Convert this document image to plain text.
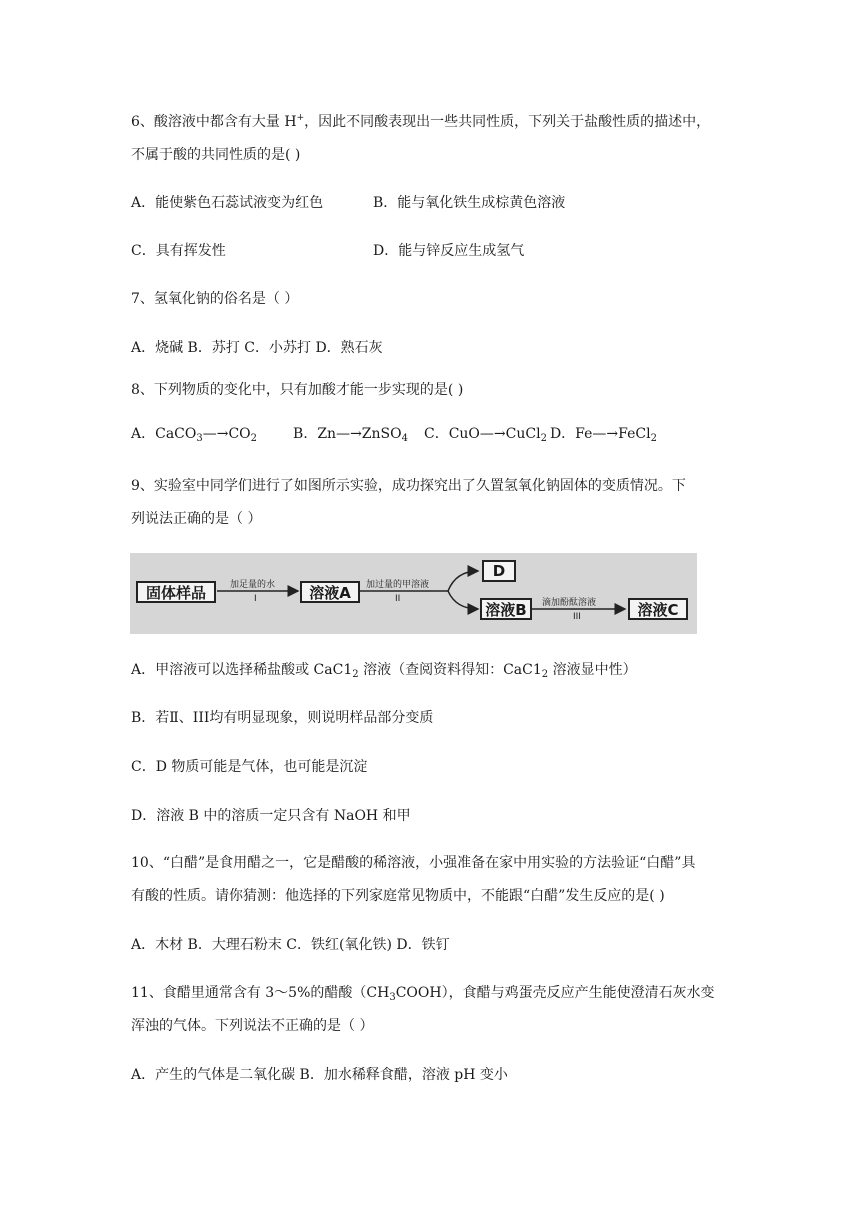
6、酸溶液中都含有大量 H+，因此不同酸表现出一些共同性质，下列关于盐酸性质的描述中，
不属于酸的共同性质的是( )
A．能使紫色石蕊试液变为红色	B．能与氧化铁生成棕黄色溶液
C．具有挥发性	D．能与锌反应生成氢气
7、氢氧化钠的俗名是（ ）
A．烧碱 B．苏打 C．小苏打 D．熟石灰
8、下列物质的变化中，只有加酸才能一步实现的是( )
A．$CaCO_3—\to CO_2$	B．Zn—→ZnSO$_4$ C．CuO—→CuCl$_2$ D．Fe—→FeCl$_2$
9、实验室中同学们进行了如图所示实验，成功探究出了久置氢氧化钠固体的变质情况。下
列说法正确的是（ ）
固体样品	溶液A
D
溶液B	溶液C
加足量的水
I
加过量的甲溶液
II	滴加酚酞溶液
III
A．甲溶液可以选择稀盐酸或 $CaC1_2$ 溶液（查阅资料得知：$CaC1_2$ 溶液显中性）
B．若Ⅱ、III均有明显现象，则说明样品部分变质
C．D 物质可能是气体，也可能是沉淀
D．溶液 B 中的溶质一定只含有 NaOH 和甲
10、“白醋”是食用醋之一，它是醋酸的稀溶液，小强准备在家中用实验的方法验证“白醋”具
有酸的性质。请你猜测：他选择的下列家庭常见物质中，不能跟“白醋”发生反应的是( )
A．木材 B．大理石粉末 C．铁红(氧化铁) D．铁钉
11、食醋里通常含有 3～5%的醋酸$(CH_3COOH)$，食醋与鸡蛋壳反应产生能使澄清石灰水变
浑浊的气体。下列说法不正确的是（ ）
A．产生的气体是二氧化碳 B．加水稀释食醋，溶液 pH 变小
